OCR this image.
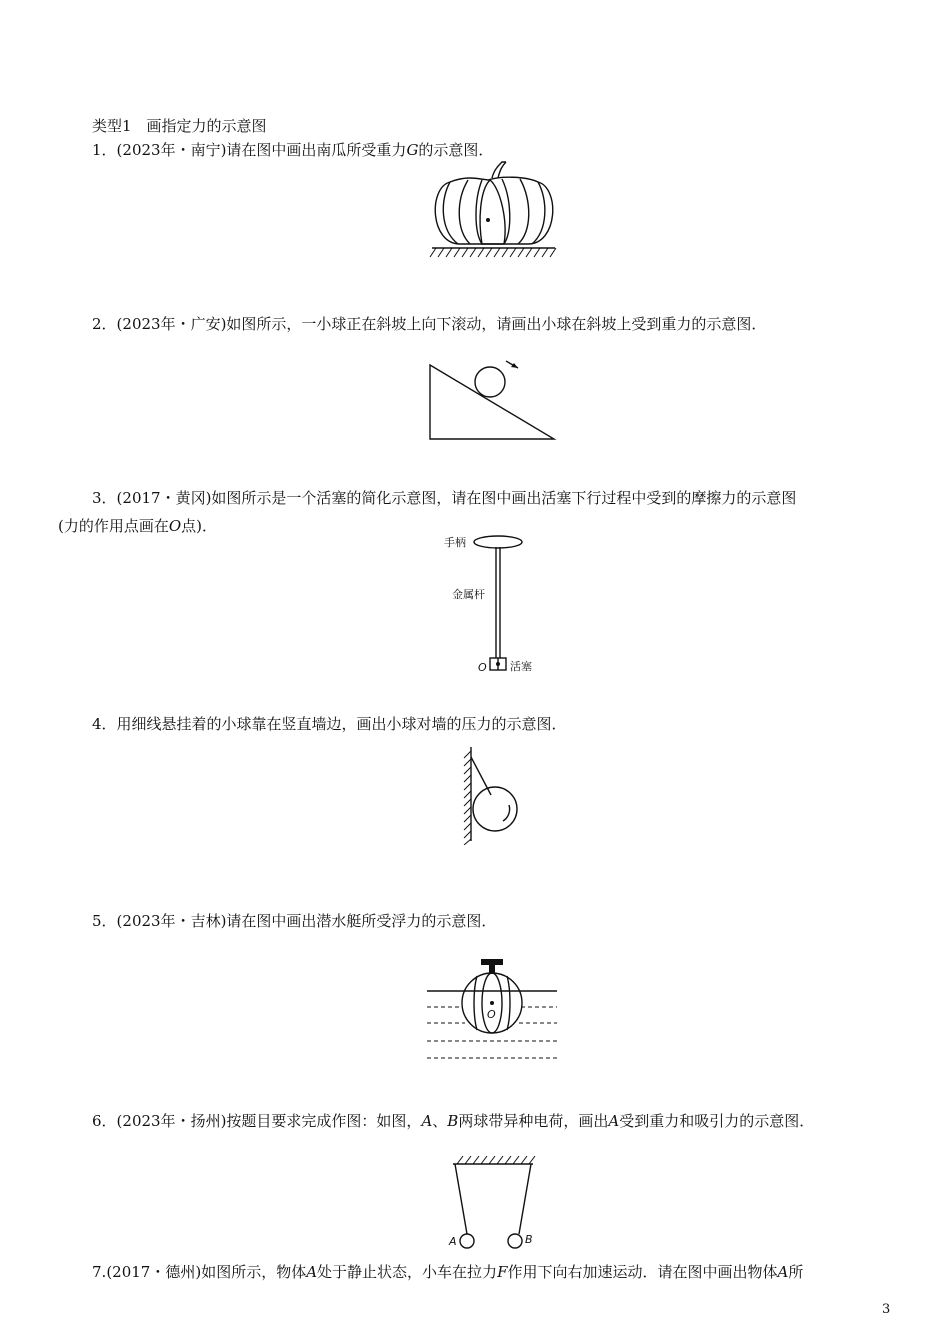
类型1　画指定力的示意图
1．(2023年・南宁)请在图中画出南瓜所受重力G的示意图．
2．(2023年・广安)如图所示，一小球正在斜坡上向下滚动，请画出小球在斜坡上受到重力的示意图．
3．(2017・黄冈)如图所示是一个活塞的简化示意图，请在图中画出活塞下行过程中受到的摩擦力的示意图
(力的作用点画在O点)．
手柄
金属杆
O 活塞
4．用细线悬挂着的小球靠在竖直墙边，画出小球对墙的压力的示意图．
5．(2023年・吉林)请在图中画出潜水艇所受浮力的示意图．
O
6．(2023年・扬州)按题目要求完成作图：如图，A、B两球带异种电荷，画出A受到重力和吸引力的示意图．
A	B
7.(2017・德州)如图所示，物体A处于静止状态，小车在拉力F作用下向右加速运动．请在图中画出物体A所
3
